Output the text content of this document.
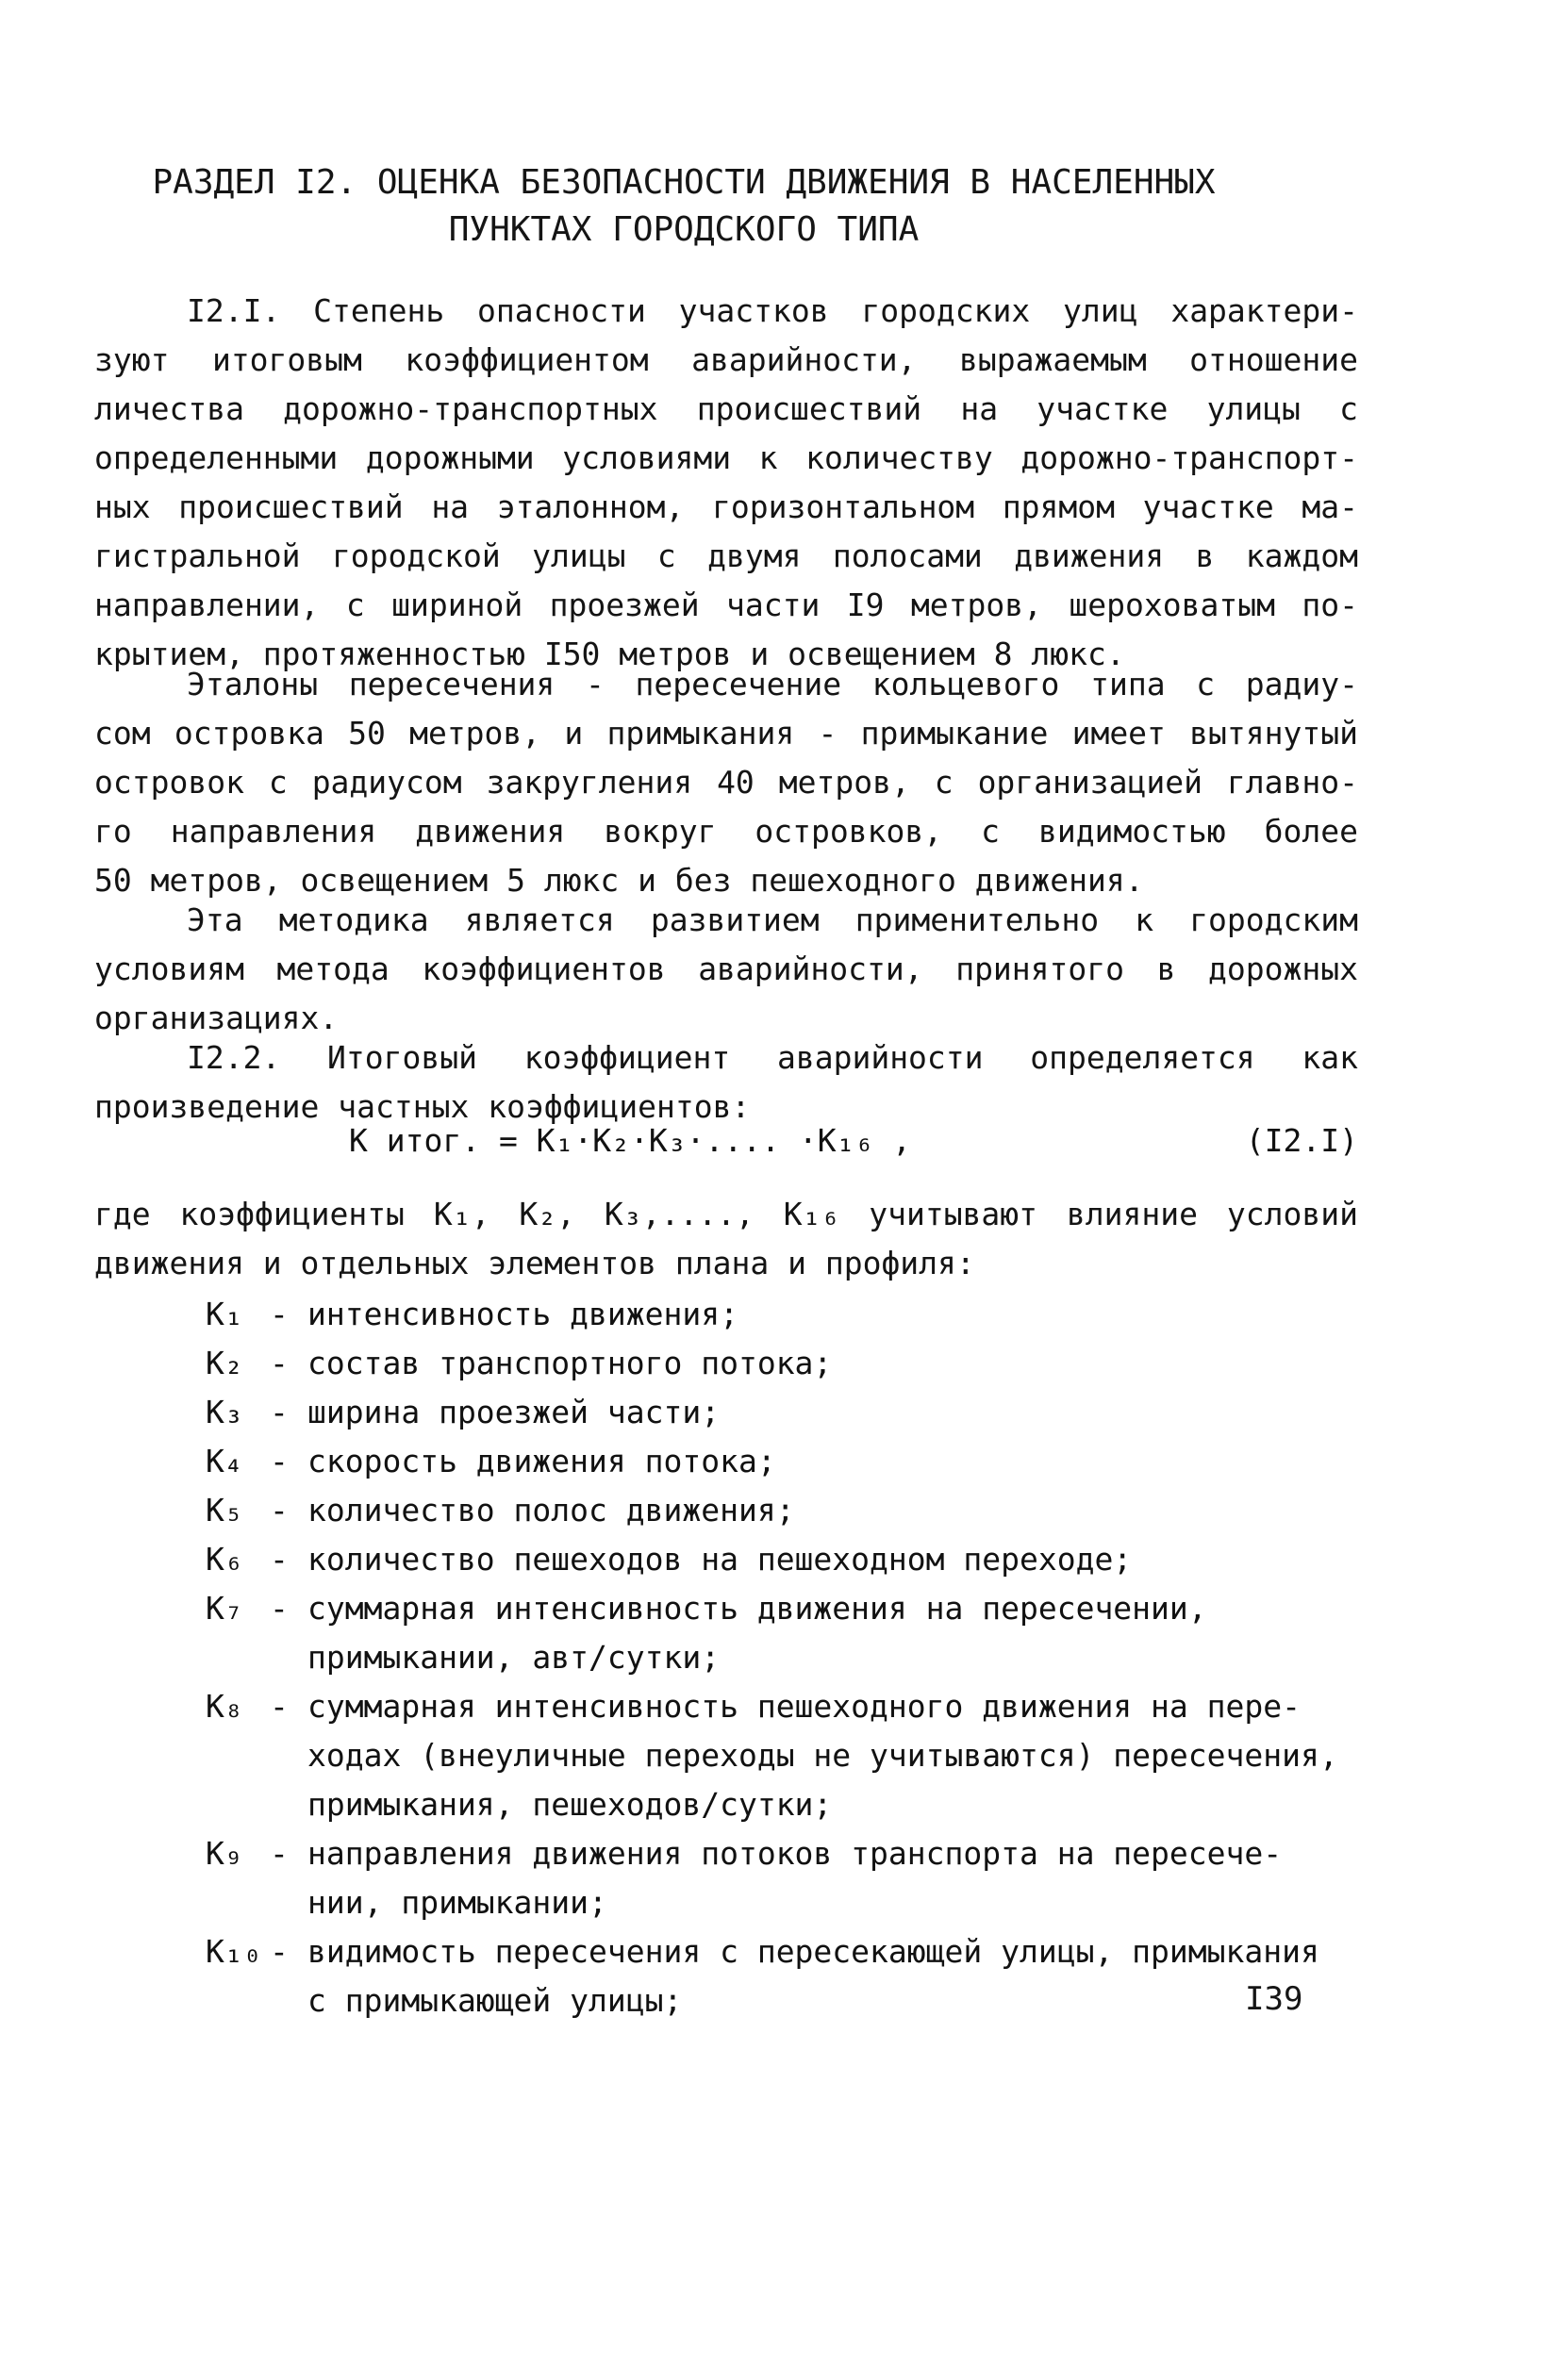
РАЗДЕЛ I2. ОЦЕНКА БЕЗОПАСНОСТИ ДВИЖЕНИЯ В НАСЕЛЕННЫХ
ПУНКТАХ ГОРОДСКОГО ТИПА
I2.I. Степень опасности участков городских улиц характери-
зуют итоговым коэффициентом аварийности, выражаемым отношение
личества дорожно-транспортных происшествий на участке улицы с
определенными дорожными условиями к количеству дорожно-транспорт-
ных происшествий на эталонном, горизонтальном прямом участке ма-
гистральной городской улицы с двумя полосами движения в каждом
направлении, с шириной проезжей части I9 метров, шероховатым по-
крытием, протяженностью I50 метров и освещением 8 люкс.
Эталоны пересечения - пересечение кольцевого типа с радиу-
сом островка 50 метров, и примыкания - примыкание имеет вытянутый
островок с радиусом закругления 40 метров, с организацией главно-
го направления движения вокруг островков, с видимостью более
50 метров, освещением 5 люкс и без пешеходного движения.
Эта методика является развитием применительно к городским
условиям метода коэффициентов аварийности, принятого в дорожных
организациях.
I2.2. Итоговый коэффициент аварийности определяется как
произведение частных коэффициентов:
К итог. = K₁·K₂·K₃·.... ·K₁₆ ,	(I2.I)
где коэффициенты K₁, K₂, K₃,...., K₁₆ учитывают влияние условий
движения и отдельных элементов плана и профиля:
K₁ - интенсивность движения;
K₂ - состав транспортного потока;
K₃ - ширина проезжей части;
K₄ - скорость движения потока;
K₅ - количество полос движения;
K₆ - количество пешеходов на пешеходном переходе;
K₇ - суммарная интенсивность движения на пересечении,
примыкании, авт/сутки;
K₈ - суммарная интенсивность пешеходного движения на пере-
ходах (внеуличные переходы не учитываются) пересечения,
примыкания, пешеходов/сутки;
K₉ - направления движения потоков транспорта на пересече-
нии, примыкании;
K₁₀ - видимость пересечения с пересекающей улицы, примыкания
с примыкающей улицы;	I39
